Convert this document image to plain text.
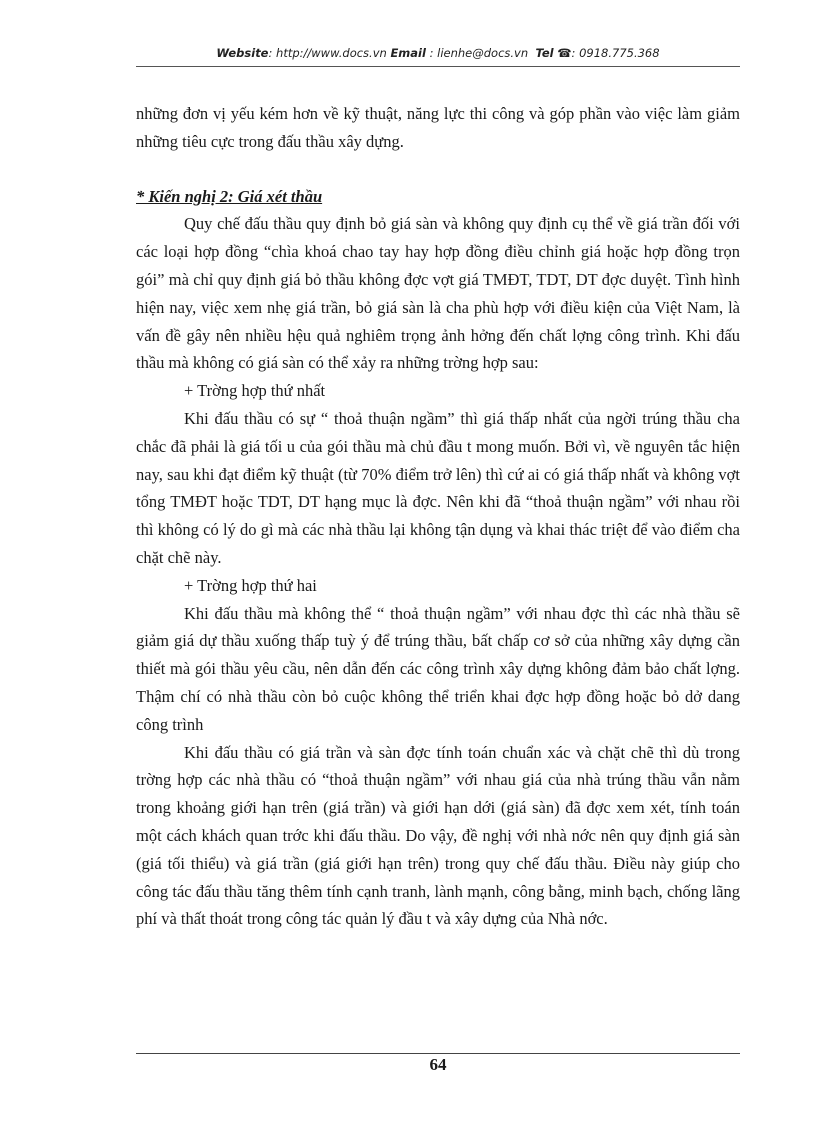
Website: http://www.docs.vn Email : lienhe@docs.vn Tel ☎: 0918.775.368

những đơn vị yếu kém hơn về kỹ thuật, năng lực thi công và góp phần vào việc làm giảm những tiêu cực trong đấu thầu xây dựng.

* Kiến nghị 2: Giá xét thầu

Quy chế đấu thầu quy định bỏ giá sàn và không quy định cụ thể về giá trần đối với các loại hợp đồng “chìa khoá chao tay hay hợp đồng điều chỉnh giá hoặc hợp đồng trọn gói” mà chỉ quy định giá bỏ thầu không đợc vợt giá TMĐT, TDT, DT đợc duyệt. Tình hình hiện nay, việc xem nhẹ giá trần, bỏ giá sàn là cha phù hợp với điều kiện của Việt Nam, là vấn đề gây nên nhiều hệu quả nghiêm trọng ảnh hởng đến chất lợng công trình. Khi đấu thầu mà không có giá sàn có thể xảy ra những trờng hợp sau:

+ Trờng hợp thứ nhất

Khi đấu thầu có sự “ thoả thuận ngầm” thì giá thấp nhất của ngời trúng thầu cha chắc đã phải là giá tối u của gói thầu mà chủ đầu t mong muốn. Bởi vì, về nguyên tắc hiện nay, sau khi đạt điểm kỹ thuật (từ 70% điểm trở lên) thì cứ ai có giá thấp nhất và không vợt tổng TMĐT hoặc TDT, DT hạng mục là đợc. Nên khi đã “thoả thuận ngầm” với nhau rồi thì không có lý do gì mà các nhà thầu lại không tận dụng và khai thác triệt để vào điểm cha chặt chẽ này.

+ Trờng hợp thứ hai

Khi đấu thầu mà không thể “ thoả thuận ngầm” với nhau đợc thì các nhà thầu sẽ giảm giá dự thầu xuống thấp tuỳ ý để trúng thầu, bất chấp cơ sở của những xây dựng cần thiết mà gói thầu yêu cầu, nên dẫn đến các công trình xây dựng không đảm bảo chất lợng. Thậm chí có nhà thầu còn bỏ cuộc không thể triển khai đợc hợp đồng hoặc bỏ dở dang công trình

Khi đấu thầu có giá trần và sàn đợc tính toán chuẩn xác và chặt chẽ thì dù trong trờng hợp các nhà thầu có “thoả thuận ngầm” với nhau giá của nhà trúng thầu vẫn nằm trong khoảng giới hạn trên (giá trần) và giới hạn dới (giá sàn) đã đợc xem xét, tính toán một cách khách quan trớc khi đấu thầu. Do vậy, đề nghị với nhà nớc nên quy định giá sàn (giá tối thiểu) và giá trần (giá giới hạn trên) trong quy chế đấu thầu. Điều này giúp cho công tác đấu thầu tăng thêm tính cạnh tranh, lành mạnh, công bằng, minh bạch, chống lãng phí và thất thoát trong công tác quản lý đầu t và xây dựng của Nhà nớc.

64
